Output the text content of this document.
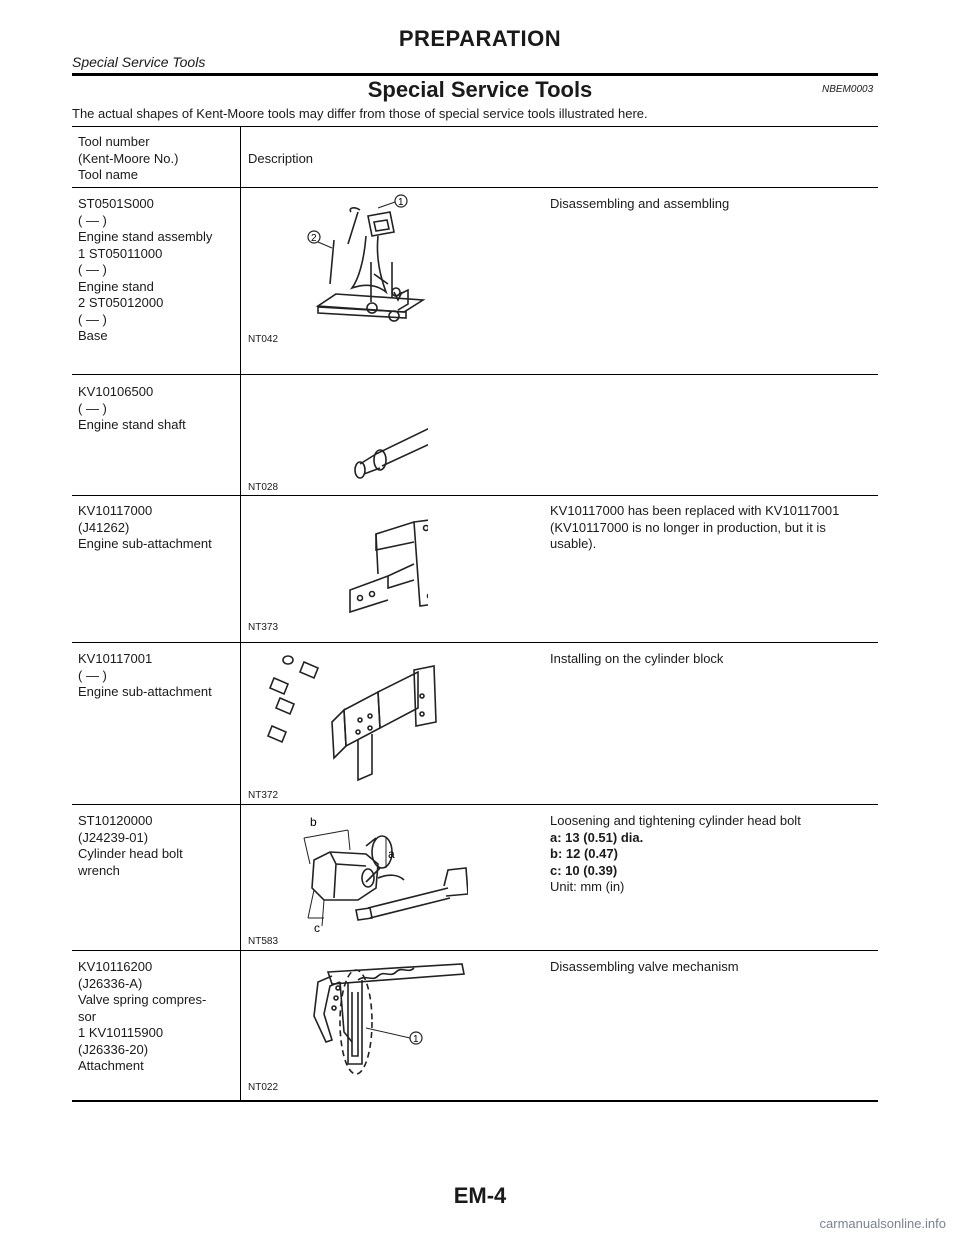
PREPARATION
Special Service Tools
Special Service Tools	NBEM0003
The actual shapes of Kent-Moore tools may differ from those of special service tools illustrated here.
Tool number
(Kent-Moore No.)
Tool name
Description
ST0501S000
( — )
Engine stand assembly
1 ST05011000
( — )
Engine stand
2 ST05012000
( — )
Base
1
2
NT042
Disassembling and assembling
KV10106500
( — )
Engine stand shaft
NT028
KV10117000
(J41262)
Engine sub-attachment
NT373
KV10117000 has been replaced with KV10117001 (KV10117000 is no longer in production, but it is usable).
KV10117001
( — )
Engine sub-attachment
NT372
Installing on the cylinder block
ST10120000
(J24239-01)
Cylinder head bolt
wrench
b
a
c
NT583
Loosening and tightening cylinder head bolt
a: 13 (0.51) dia.
b: 12 (0.47)
c: 10 (0.39)
Unit: mm (in)
KV10116200
(J26336-A)
Valve spring compres-
sor
1 KV10115900
(J26336-20)
Attachment
1
NT022
Disassembling valve mechanism
EM-4
carmanualsonline.info
